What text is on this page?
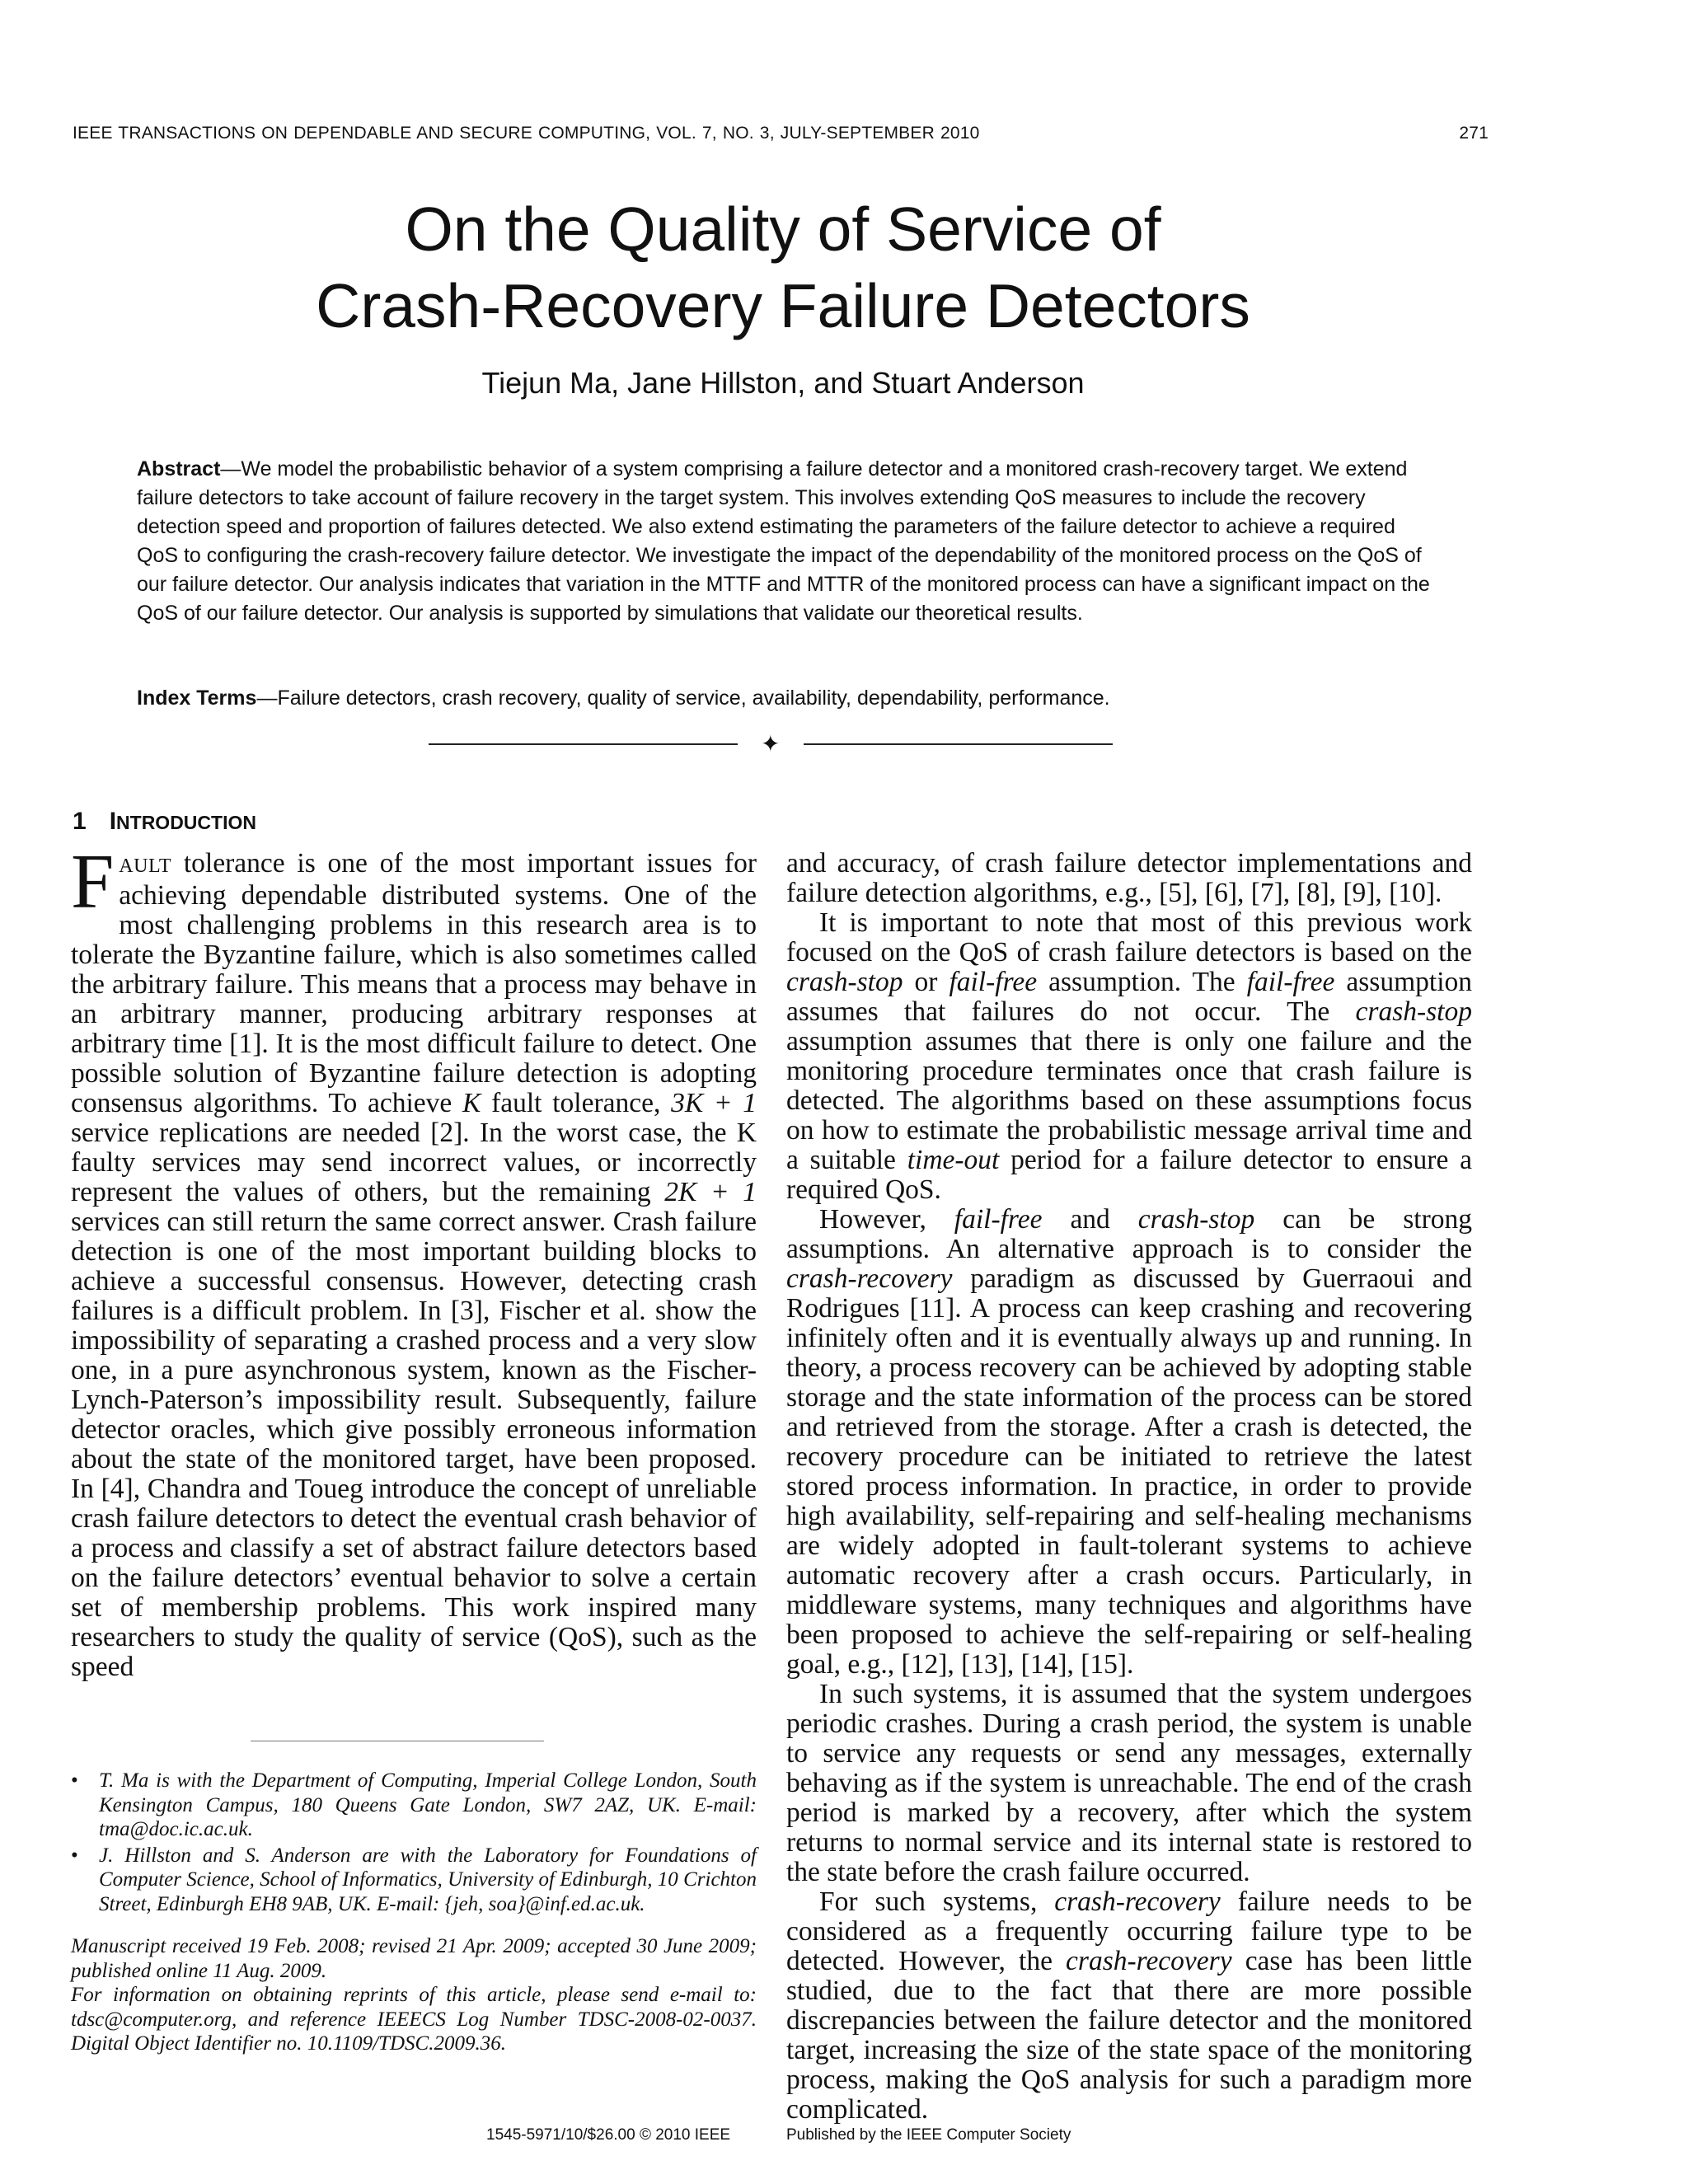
IEEE TRANSACTIONS ON DEPENDABLE AND SECURE COMPUTING, VOL. 7, NO. 3, JULY-SEPTEMBER 2010	271
On the Quality of Service of
Crash-Recovery Failure Detectors
Tiejun Ma, Jane Hillston, and Stuart Anderson

Abstract—We model the probabilistic behavior of a system comprising a failure detector and a monitored crash-recovery target. We extend failure detectors to take account of failure recovery in the target system. This involves extending QoS measures to include the recovery detection speed and proportion of failures detected. We also extend estimating the parameters of the failure detector to achieve a required QoS to configuring the crash-recovery failure detector. We investigate the impact of the dependability of the monitored process on the QoS of our failure detector. Our analysis indicates that variation in the MTTF and MTTR of the monitored process can have a significant impact on the QoS of our failure detector. Our analysis is supported by simulations that validate our theoretical results.

Index Terms—Failure detectors, crash recovery, quality of service, availability, dependability, performance.

✦
1 INTRODUCTION

FAULT tolerance is one of the most important issues for achieving dependable distributed systems. One of the most challenging problems in this research area is to tolerate the Byzantine failure, which is also sometimes called the arbitrary failure. This means that a process may behave in an arbitrary manner, producing arbitrary responses at arbitrary time [1]. It is the most difficult failure to detect. One possible solution of Byzantine failure detection is adopting consensus algorithms. To achieve K fault tolerance, 3K + 1 service replications are needed [2]. In the worst case, the K faulty services may send incorrect values, or incorrectly represent the values of others, but the remaining 2K + 1 services can still return the same correct answer. Crash failure detection is one of the most important building blocks to achieve a successful consensus. However, detecting crash failures is a difficult problem. In [3], Fischer et al. show the impossibility of separating a crashed process and a very slow one, in a pure asynchronous system, known as the Fischer-Lynch-Paterson’s impossibility result. Subsequently, failure detector oracles, which give possibly erroneous information about the state of the monitored target, have been proposed. In [4], Chandra and Toueg introduce the concept of unreliable crash failure detectors to detect the eventual crash behavior of a process and classify a set of abstract failure detectors based on the failure detectors’ eventual behavior to solve a certain set of membership problems. This work inspired many researchers to study the quality of service (QoS), such as the speed

and accuracy, of crash failure detector implementations and failure detection algorithms, e.g., [5], [6], [7], [8], [9], [10].

It is important to note that most of this previous work focused on the QoS of crash failure detectors is based on the crash-stop or fail-free assumption. The fail-free assumption assumes that failures do not occur. The crash-stop assumption assumes that there is only one failure and the monitoring procedure terminates once that crash failure is detected. The algorithms based on these assumptions focus on how to estimate the probabilistic message arrival time and a suitable time-out period for a failure detector to ensure a required QoS.

However, fail-free and crash-stop can be strong assumptions. An alternative approach is to consider the crash-recovery paradigm as discussed by Guerraoui and Rodrigues [11]. A process can keep crashing and recovering infinitely often and it is eventually always up and running. In theory, a process recovery can be achieved by adopting stable storage and the state information of the process can be stored and retrieved from the storage. After a crash is detected, the recovery procedure can be initiated to retrieve the latest stored process information. In practice, in order to provide high availability, self-repairing and self-healing mechanisms are widely adopted in fault-tolerant systems to achieve automatic recovery after a crash occurs. Particularly, in middleware systems, many techniques and algorithms have been proposed to achieve the self-repairing or self-healing goal, e.g., [12], [13], [14], [15].

In such systems, it is assumed that the system undergoes periodic crashes. During a crash period, the system is unable to service any requests or send any messages, externally behaving as if the system is unreachable. The end of the crash period is marked by a recovery, after which the system returns to normal service and its internal state is restored to the state before the crash failure occurred.

For such systems, crash-recovery failure needs to be considered as a frequently occurring failure type to be detected. However, the crash-recovery case has been little studied, due to the fact that there are more possible discrepancies between the failure detector and the monitored target, increasing the size of the state space of the monitoring process, making the QoS analysis for such a paradigm more complicated.

• T. Ma is with the Department of Computing, Imperial College London, South Kensington Campus, 180 Queens Gate London, SW7 2AZ, UK. E-mail: tma@doc.ic.ac.uk.
• J. Hillston and S. Anderson are with the Laboratory for Foundations of Computer Science, School of Informatics, University of Edinburgh, 10 Crichton Street, Edinburgh EH8 9AB, UK. E-mail: {jeh, soa}@inf.ed.ac.uk.

Manuscript received 19 Feb. 2008; revised 21 Apr. 2009; accepted 30 June 2009; published online 11 Aug. 2009.

For information on obtaining reprints of this article, please send e-mail to: tdsc@computer.org, and reference IEEECS Log Number TDSC-2008-02-0037. Digital Object Identifier no. 10.1109/TDSC.2009.36.

1545-5971/10/$26.00 © 2010 IEEE	Published by the IEEE Computer Society
